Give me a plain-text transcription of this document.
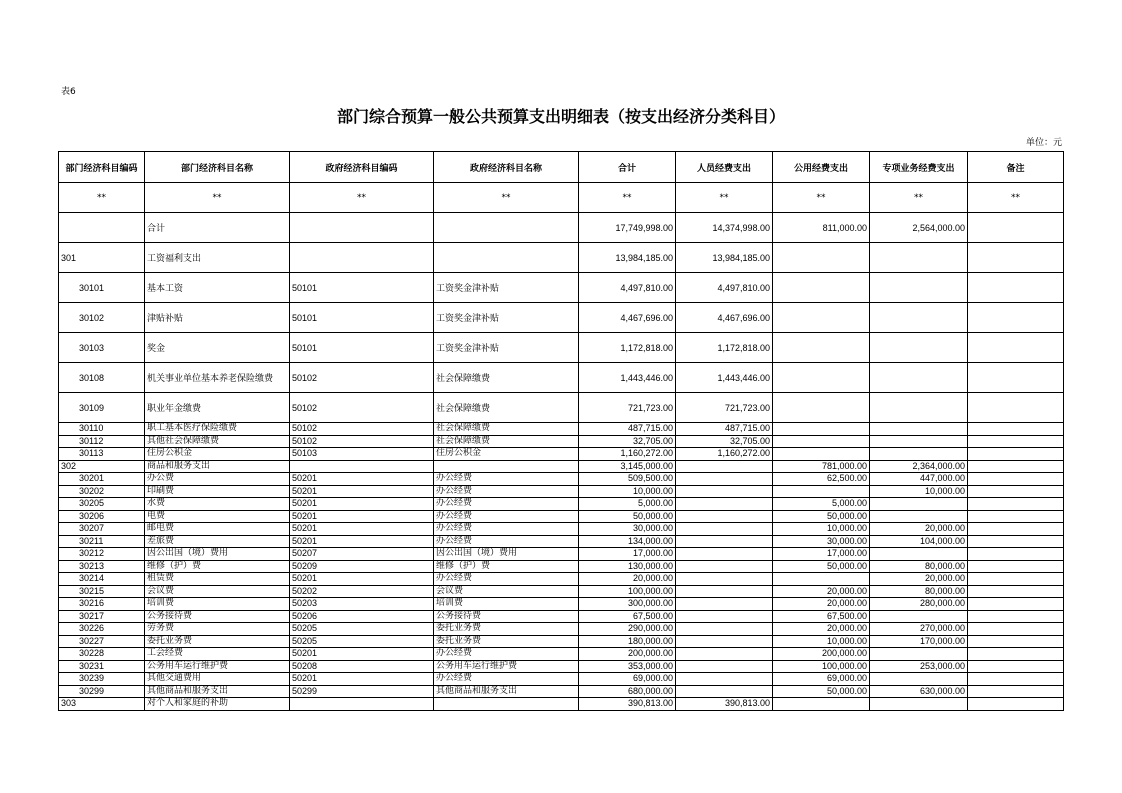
表6
部门综合预算一般公共预算支出明细表（按支出经济分类科目）
单位：元
部门经济科目编码	部门经济科目名称	政府经济科目编码	政府经济科目名称	合计	人员经费支出	公用经费支出	专项业务经费支出	备注
**	**	**	**	**	**	**	**	**
	合计			17,749,998.00	14,374,998.00	811,000.00	2,564,000.00	
301	工资福利支出			13,984,185.00	13,984,185.00			
30101	基本工资	50101	工资奖金津补贴	4,497,810.00	4,497,810.00			
30102	津贴补贴	50101	工资奖金津补贴	4,467,696.00	4,467,696.00			
30103	奖金	50101	工资奖金津补贴	1,172,818.00	1,172,818.00			
30108	机关事业单位基本养老保险缴费	50102	社会保障缴费	1,443,446.00	1,443,446.00			
30109	职业年金缴费	50102	社会保障缴费	721,723.00	721,723.00			
30110	职工基本医疗保险缴费	50102	社会保障缴费	487,715.00	487,715.00			
30112	其他社会保障缴费	50102	社会保障缴费	32,705.00	32,705.00			
30113	住房公积金	50103	住房公积金	1,160,272.00	1,160,272.00			
302	商品和服务支出			3,145,000.00		781,000.00	2,364,000.00	
30201	办公费	50201	办公经费	509,500.00		62,500.00	447,000.00	
30202	印刷费	50201	办公经费	10,000.00			10,000.00	
30205	水费	50201	办公经费	5,000.00		5,000.00		
30206	电费	50201	办公经费	50,000.00		50,000.00		
30207	邮电费	50201	办公经费	30,000.00		10,000.00	20,000.00	
30211	差旅费	50201	办公经费	134,000.00		30,000.00	104,000.00	
30212	因公出国（境）费用	50207	因公出国（境）费用	17,000.00		17,000.00		
30213	维修（护）费	50209	维修（护）费	130,000.00		50,000.00	80,000.00	
30214	租赁费	50201	办公经费	20,000.00			20,000.00	
30215	会议费	50202	会议费	100,000.00		20,000.00	80,000.00	
30216	培训费	50203	培训费	300,000.00		20,000.00	280,000.00	
30217	公务接待费	50206	公务接待费	67,500.00		67,500.00		
30226	劳务费	50205	委托业务费	290,000.00		20,000.00	270,000.00	
30227	委托业务费	50205	委托业务费	180,000.00		10,000.00	170,000.00	
30228	工会经费	50201	办公经费	200,000.00		200,000.00		
30231	公务用车运行维护费	50208	公务用车运行维护费	353,000.00		100,000.00	253,000.00	
30239	其他交通费用	50201	办公经费	69,000.00		69,000.00		
30299	其他商品和服务支出	50299	其他商品和服务支出	680,000.00		50,000.00	630,000.00	
303	对个人和家庭的补助			390,813.00	390,813.00			
